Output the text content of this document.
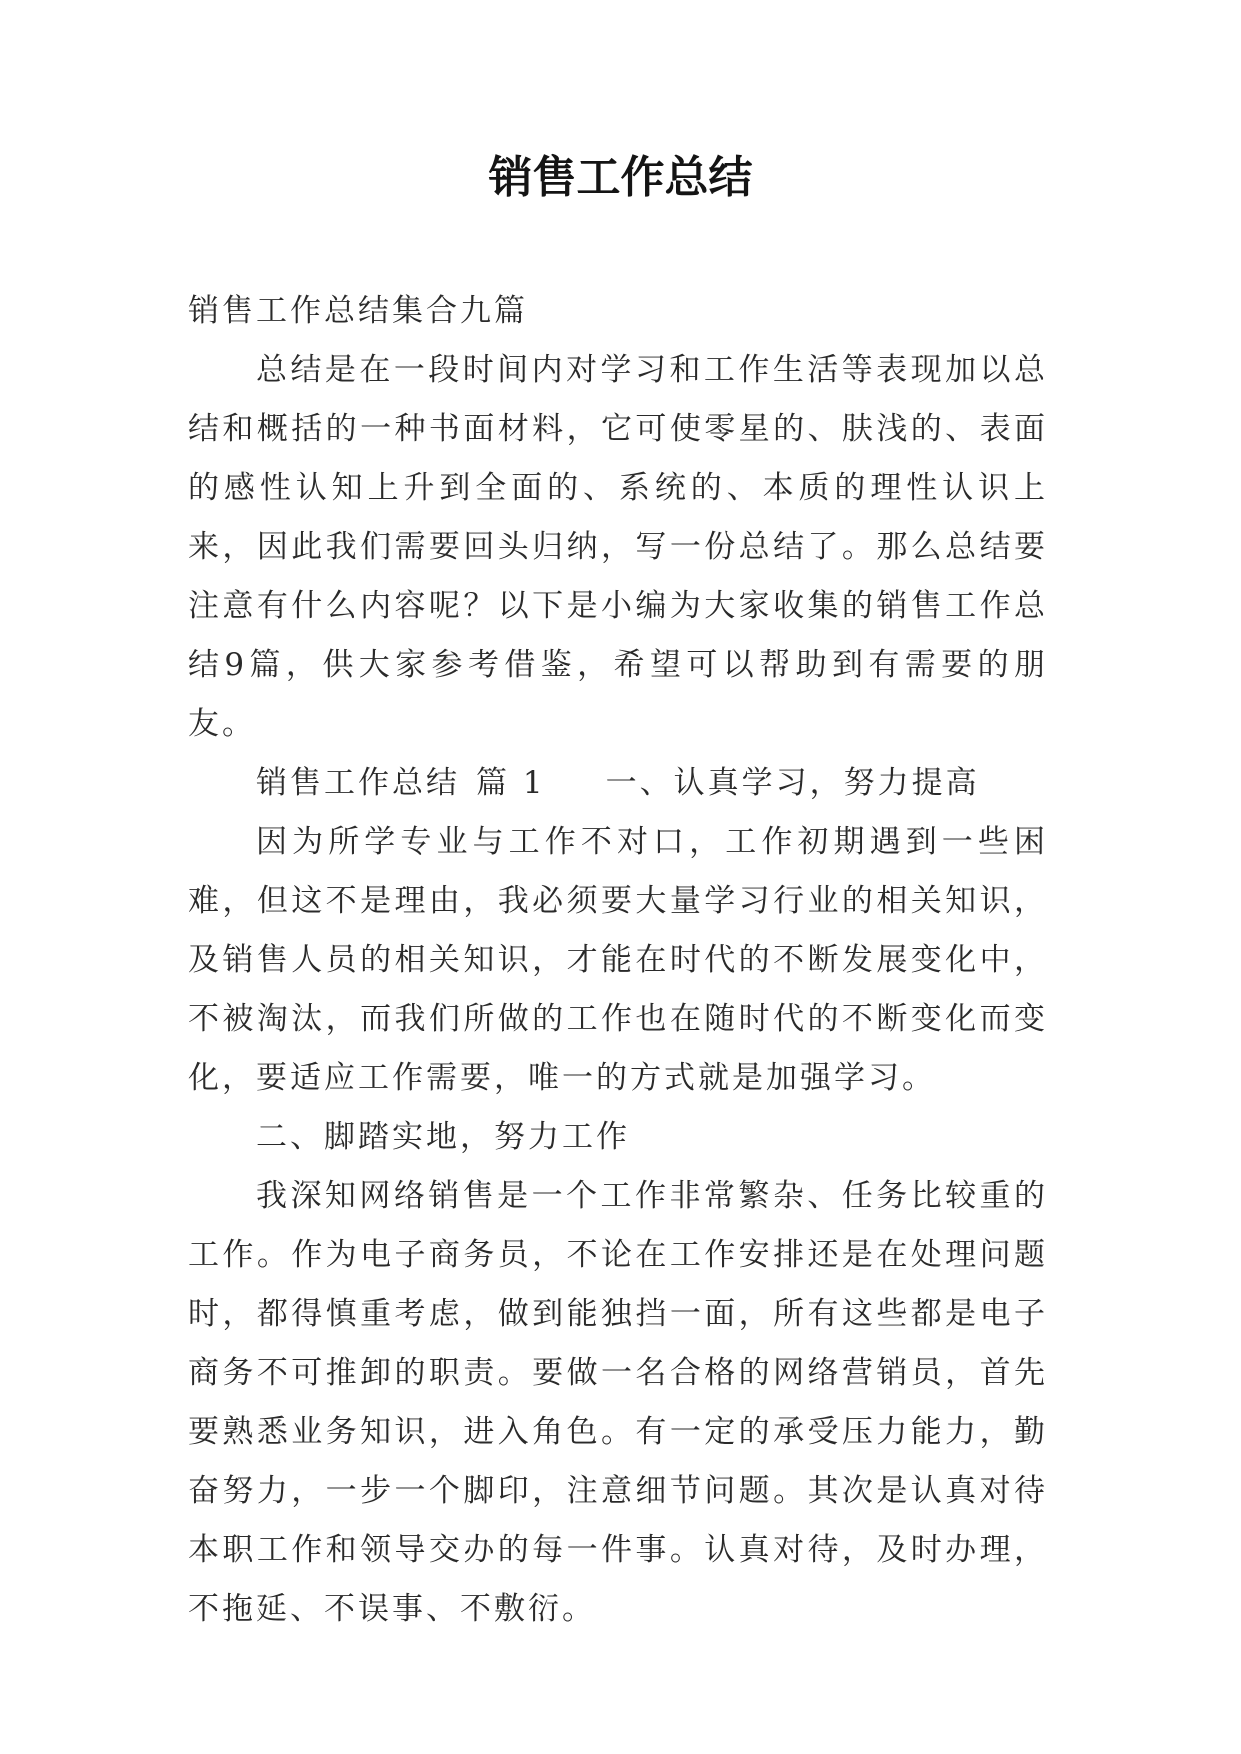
销售工作总结

销售工作总结集合九篇

总结是在一段时间内对学习和工作生活等表现加以总结和概括的一种书面材料，它可使零星的、肤浅的、表面的感性认知上升到全面的、系统的、本质的理性认识上来，因此我们需要回头归纳，写一份总结了。那么总结要注意有什么内容呢？以下是小编为大家收集的销售工作总结9篇，供大家参考借鉴，希望可以帮助到有需要的朋友。

销售工作总结 篇 1 一、认真学习，努力提高

因为所学专业与工作不对口，工作初期遇到一些困难，但这不是理由，我必须要大量学习行业的相关知识，及销售人员的相关知识，才能在时代的不断发展变化中，不被淘汰，而我们所做的工作也在随时代的不断变化而变化，要适应工作需要，唯一的方式就是加强学习。

二、脚踏实地，努力工作

我深知网络销售是一个工作非常繁杂、任务比较重的工作。作为电子商务员，不论在工作安排还是在处理问题时，都得慎重考虑，做到能独挡一面，所有这些都是电子商务不可推卸的职责。要做一名合格的网络营销员，首先要熟悉业务知识，进入角色。有一定的承受压力能力，勤奋努力，一步一个脚印，注意细节问题。其次是认真对待本职工作和领导交办的每一件事。认真对待，及时办理，不拖延、不误事、不敷衍。
